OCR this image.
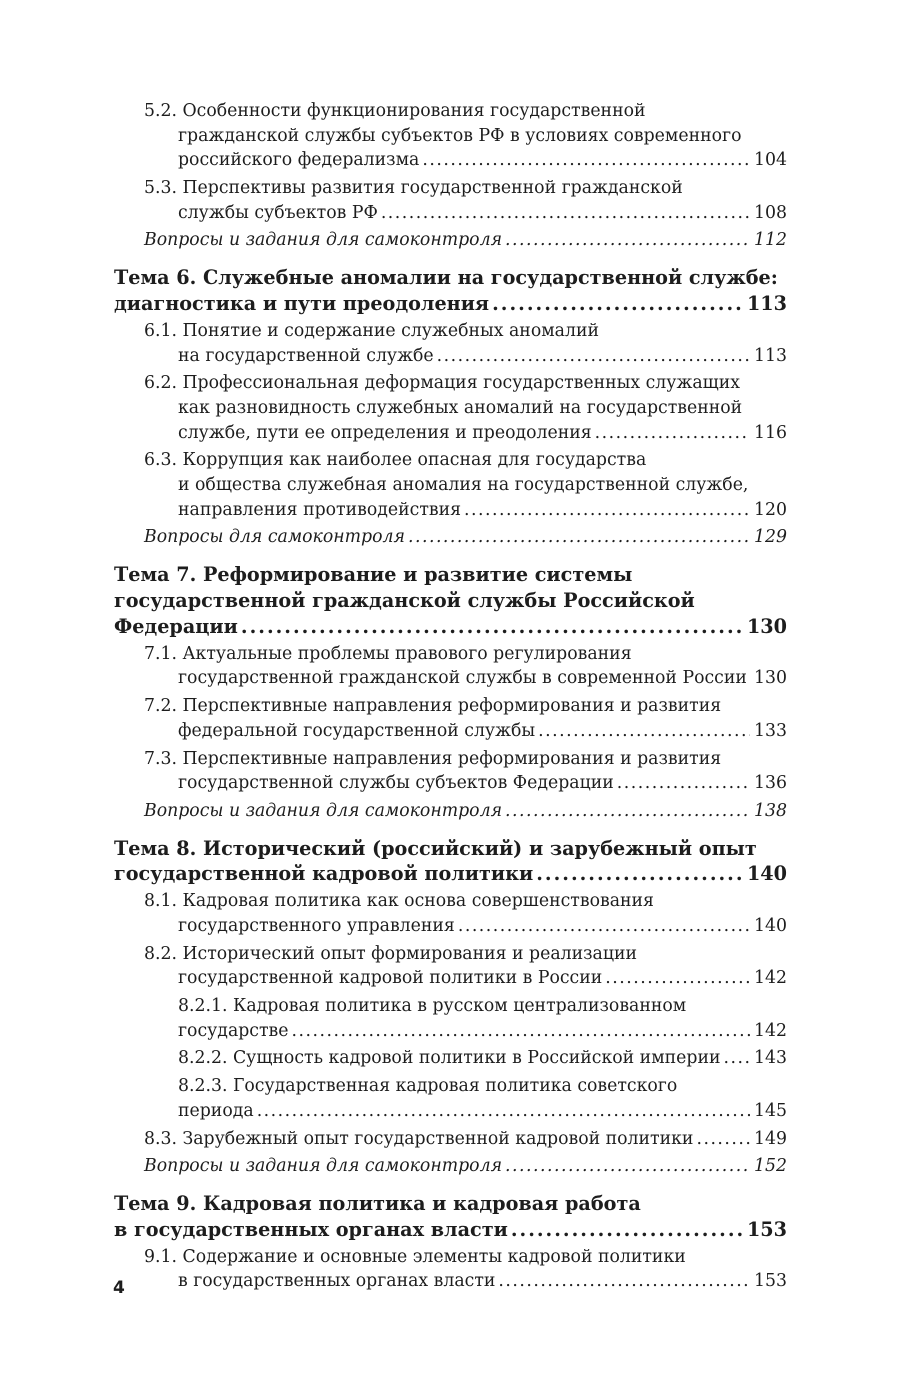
5.2. Особенности функционирования государственной
гражданской службы субъектов РФ в условиях современного
российского федерализма .....	104
5.3. Перспективы развития государственной гражданской
службы субъектов РФ .....	108
Вопросы и задания для самоконтроля .....	112
Тема 6. Служебные аномалии на государственной службе:
диагностика и пути преодоления .....	113
6.1. Понятие и содержание служебных аномалий
на государственной службе .....	113
6.2. Профессиональная деформация государственных служащих
как разновидность служебных аномалий на государственной
службе, пути ее определения и преодоления .....	116
6.3. Коррупция как наиболее опасная для государства
и общества служебная аномалия на государственной службе,
направления противодействия .....	120
Вопросы для самоконтроля .....	129
Тема 7. Реформирование и развитие системы
государственной гражданской службы Российской
Федерации .....	130
7.1. Актуальные проблемы правового регулирования
государственной гражданской службы в современной России ..... 130
7.2. Перспективные направления реформирования и развития
федеральной государственной службы .....	133
7.3. Перспективные направления реформирования и развития
государственной службы субъектов Федерации .....	136
Вопросы и задания для самоконтроля .....	138
Тема 8. Исторический (российский) и зарубежный опыт
государственной кадровой политики .....	140
8.1. Кадровая политика как основа совершенствования
государственного управления .....	140
8.2. Исторический опыт формирования и реализации
государственной кадровой политики в России .....	142
8.2.1. Кадровая политика в русском централизованном
государстве .....	142
8.2.2. Сущность кадровой политики в Российской империи ..... 143
8.2.3. Государственная кадровая политика советского
периода .....	145
8.3. Зарубежный опыт государственной кадровой политики .....	149
Вопросы и задания для самоконтроля .....	152
Тема 9. Кадровая политика и кадровая работа
в государственных органах власти .....	153
9.1. Содержание и основные элементы кадровой политики
в государственных органах власти .....	153
4
